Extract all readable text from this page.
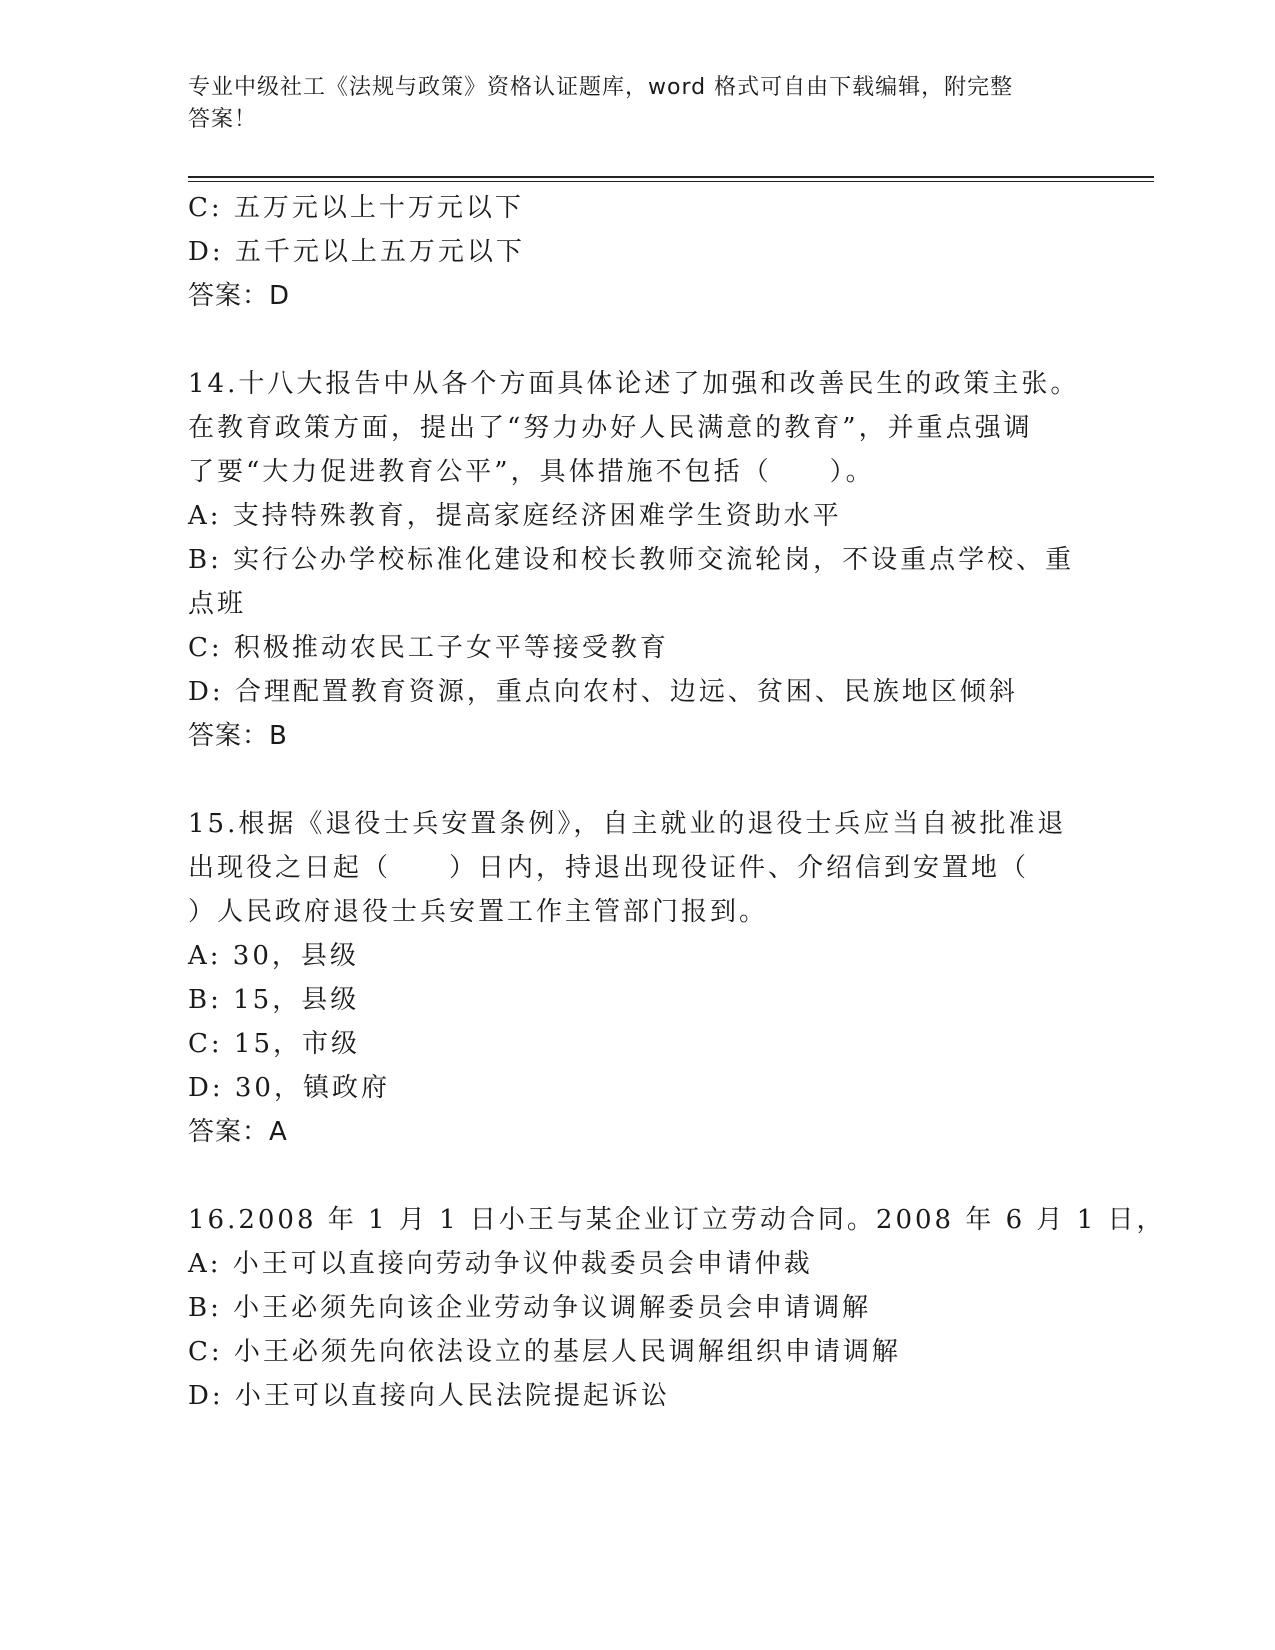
专业中级社工《法规与政策》资格认证题库，word 格式可自由下载编辑，附完整
答案！
C: 五万元以上十万元以下
D: 五千元以上五万元以下
答案：D
14.十八大报告中从各个方面具体论述了加强和改善民生的政策主张。
在教育政策方面，提出了“努力办好人民满意的教育”，并重点强调
了要“大力促进教育公平”，具体措施不包括（　　）。
A: 支持特殊教育，提高家庭经济困难学生资助水平
B: 实行公办学校标准化建设和校长教师交流轮岗，不设重点学校、重
点班
C: 积极推动农民工子女平等接受教育
D: 合理配置教育资源，重点向农村、边远、贫困、民族地区倾斜
答案：B
15.根据《退役士兵安置条例》，自主就业的退役士兵应当自被批准退
出现役之日起（　　）日内，持退出现役证件、介绍信到安置地（
）人民政府退役士兵安置工作主管部门报到。
A: 30，县级
B: 15，县级
C: 15，市级
D: 30，镇政府
答案：A
16.2008 年 1 月 1 日小王与某企业订立劳动合同。2008 年 6 月 1 日，
A: 小王可以直接向劳动争议仲裁委员会申请仲裁
B: 小王必须先向该企业劳动争议调解委员会申请调解
C: 小王必须先向依法设立的基层人民调解组织申请调解
D: 小王可以直接向人民法院提起诉讼
